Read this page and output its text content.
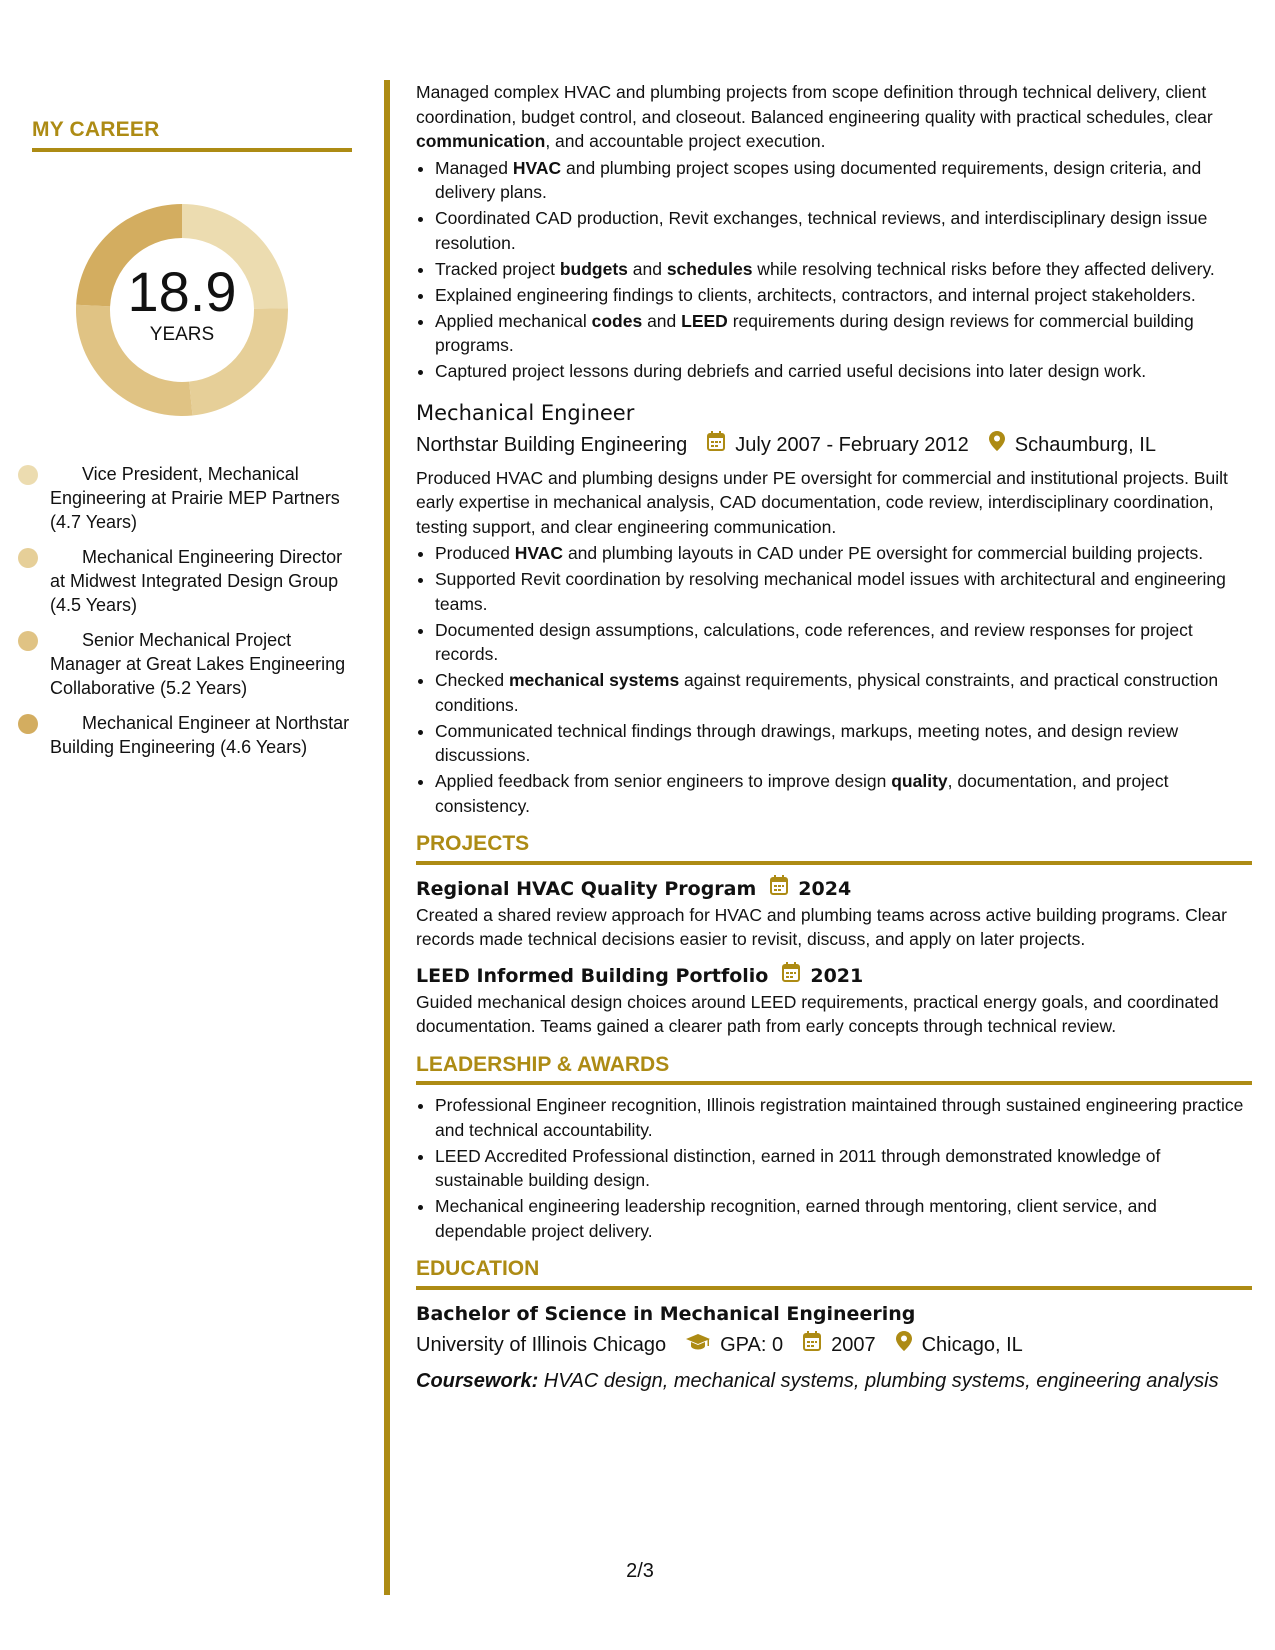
MY CAREER
18.9
YEARS
Vice President, Mechanical Engineering at Prairie MEP Partners (4.7 Years)
Mechanical Engineering Director at Midwest Integrated Design Group (4.5 Years)
Senior Mechanical Project Manager at Great Lakes Engineering Collaborative (5.2 Years)
Mechanical Engineer at Northstar Building Engineering (4.6 Years)

Managed complex HVAC and plumbing projects from scope definition through technical delivery, client coordination, budget control, and closeout. Balanced engineering quality with practical schedules, clear communication, and accountable project execution.

• Managed HVAC and plumbing project scopes using documented requirements, design criteria, and delivery plans.
• Coordinated CAD production, Revit exchanges, technical reviews, and interdisciplinary design issue resolution.
• Tracked project budgets and schedules while resolving technical risks before they affected delivery.
• Explained engineering findings to clients, architects, contractors, and internal project stakeholders.
• Applied mechanical codes and LEED requirements during design reviews for commercial building programs.
• Captured project lessons during debriefs and carried useful decisions into later design work.
Mechanical Engineer
Northstar Building Engineering July 2007 - February 2012 Schaumburg, IL

Produced HVAC and plumbing designs under PE oversight for commercial and institutional projects. Built early expertise in mechanical analysis, CAD documentation, code review, interdisciplinary coordination, testing support, and clear engineering communication.

• Produced HVAC and plumbing layouts in CAD under PE oversight for commercial building projects.
• Supported Revit coordination by resolving mechanical model issues with architectural and engineering teams.
• Documented design assumptions, calculations, code references, and review responses for project records.
• Checked mechanical systems against requirements, physical constraints, and practical construction conditions.
• Communicated technical findings through drawings, markups, meeting notes, and design review discussions.
• Applied feedback from senior engineers to improve design quality, documentation, and project consistency.
PROJECTS
Regional HVAC Quality Program 2024

Created a shared review approach for HVAC and plumbing teams across active building programs. Clear records made technical decisions easier to revisit, discuss, and apply on later projects.

LEED Informed Building Portfolio 2021

Guided mechanical design choices around LEED requirements, practical energy goals, and coordinated documentation. Teams gained a clearer path from early concepts through technical review.

LEADERSHIP & AWARDS
• Professional Engineer recognition, Illinois registration maintained through sustained engineering practice and technical accountability.
• LEED Accredited Professional distinction, earned in 2011 through demonstrated knowledge of sustainable building design.
• Mechanical engineering leadership recognition, earned through mentoring, client service, and dependable project delivery.
EDUCATION
Bachelor of Science in Mechanical Engineering
University of Illinois Chicago	GPA: 0 2007 Chicago, IL
Coursework: HVAC design, mechanical systems, plumbing systems, engineering analysis
2/3
